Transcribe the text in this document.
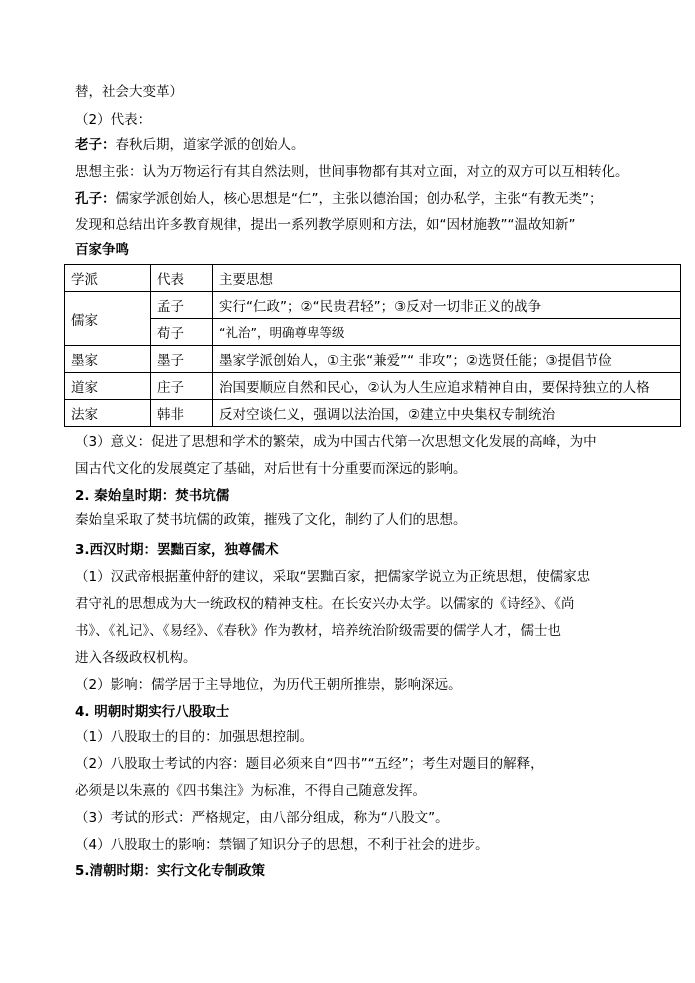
替，社会大变革）
（2）代表：
老子：春秋后期，道家学派的创始人。
思想主张：认为万物运行有其自然法则，世间事物都有其对立面，对立的双方可以互相转化。
孔子：儒家学派创始人，核心思想是“仁”，主张以德治国；创办私学，主张“有教无类”；
发现和总结出许多教育规律，提出一系列教学原则和方法，如“因材施教”“温故知新”
百家争鸣
学派	代表	主要思想
儒家	孟子	实行“仁政”；②“民贵君轻”；③反对一切非正义的战争
	荀子	“礼治”，明确尊卑等级
墨家	墨子	墨家学派创始人，①主张“兼爱”“ 非攻”；②选贤任能；③提倡节俭
道家	庄子	治国要顺应自然和民心，②认为人生应追求精神自由，要保持独立的人格
法家	韩非	反对空谈仁义，强调以法治国，②建立中央集权专制统治
（3）意义：促进了思想和学术的繁荣，成为中国古代第一次思想文化发展的高峰，为中
国古代文化的发展奠定了基础，对后世有十分重要而深远的影响。
2. 秦始皇时期：焚书坑儒
秦始皇采取了焚书坑儒的政策，摧残了文化，制约了人们的思想。
3.西汉时期：罢黜百家，独尊儒术
（1）汉武帝根据董仲舒的建议，采取“罢黜百家，把儒家学说立为正统思想，使儒家忠
君守礼的思想成为大一统政权的精神支柱。在长安兴办太学。以儒家的《诗经》、《尚
书》、《礼记》、《易经》、《春秋》作为教材，培养统治阶级需要的儒学人才，儒士也
进入各级政权机构。
（2）影响：儒学居于主导地位，为历代王朝所推崇，影响深远。
4. 明朝时期实行八股取士
（1）八股取士的目的：加强思想控制。
（2）八股取士考试的内容：题目必须来自“四书”“五经”；考生对题目的解释，
必须是以朱熹的《四书集注》为标准，不得自己随意发挥。
（3）考试的形式：严格规定，由八部分组成，称为“八股文”。
（4）八股取士的影响：禁锢了知识分子的思想，不利于社会的进步。
5.清朝时期：实行文化专制政策
